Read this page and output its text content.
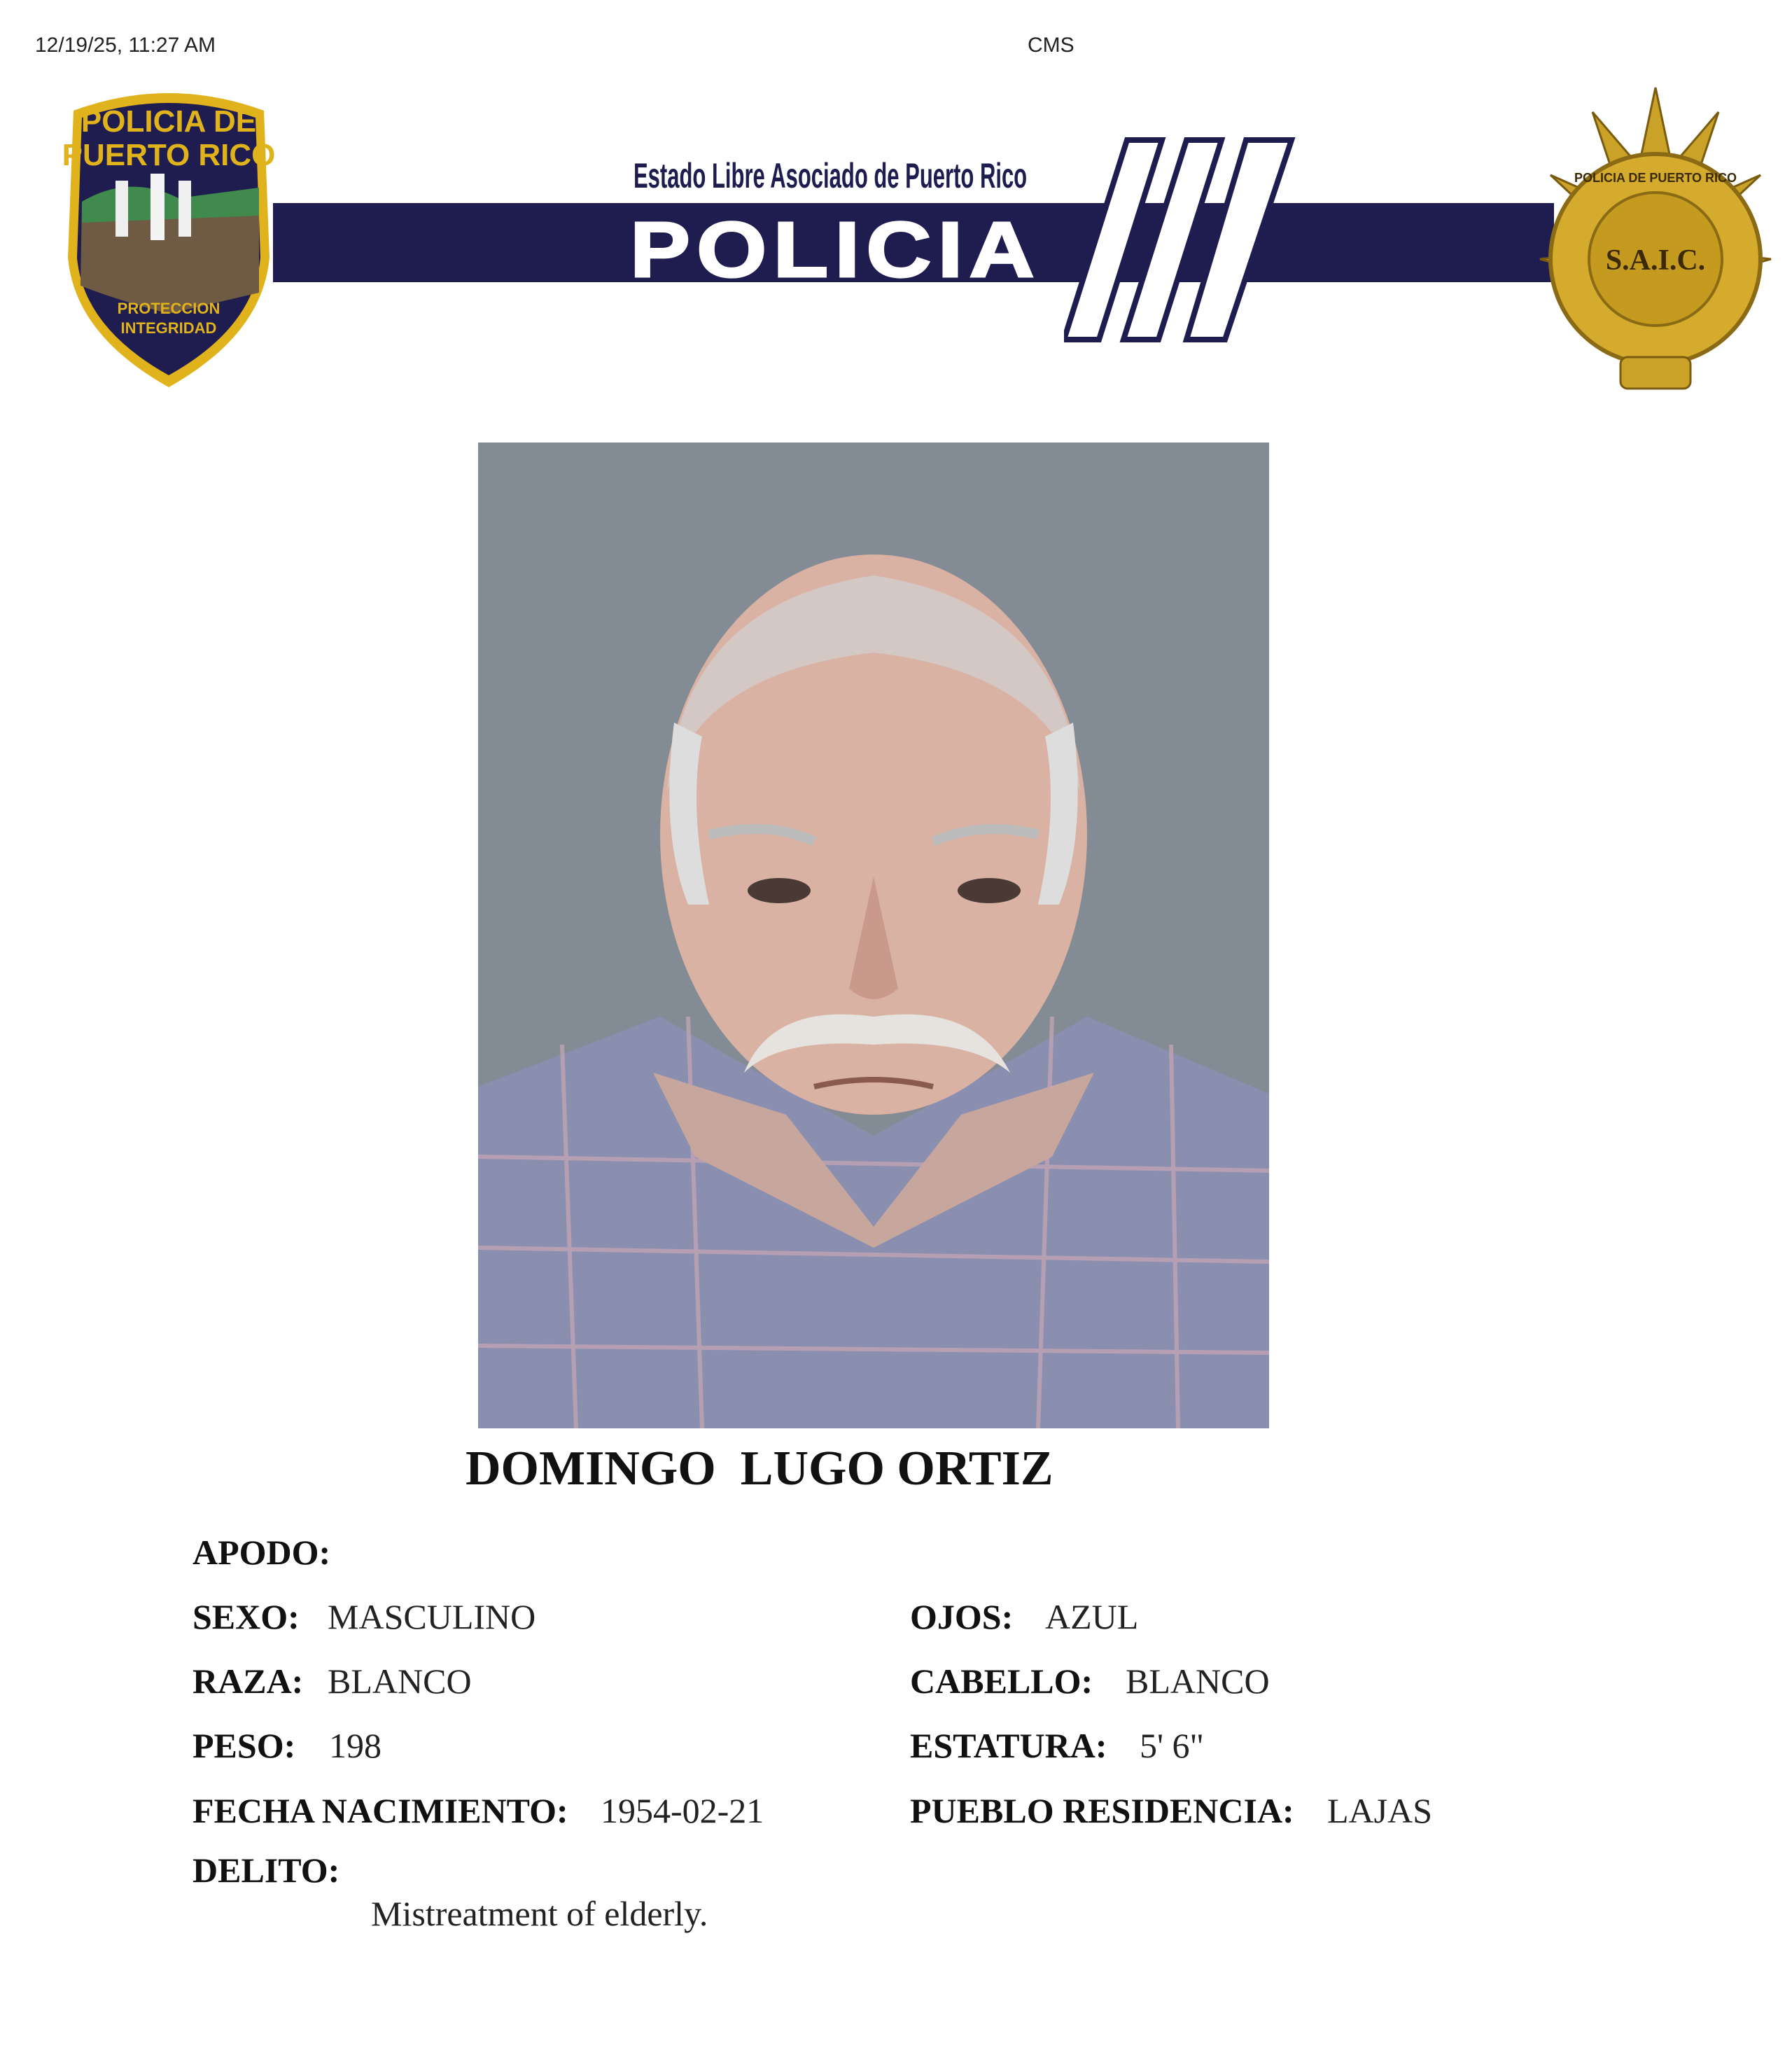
12/19/25, 11:27 AM	CMS
POLICIA DE
PUERTO RICO
PROTECCION
INTEGRIDAD
Estado Libre Asociado de Puerto Rico
POLICIA	S.A.I.C.
POLICIA DE PUERTO RICO
DOMINGO  LUGO ORTIZ
APODO:
SEXO: MASCULINO	OJOS: AZUL
RAZA: BLANCO	CABELLO: BLANCO
PESO: 198	ESTATURA: 5' 6"
FECHA NACIMIENTO: 1954-02-21	PUEBLO RESIDENCIA: LAJAS
DELITO:
Mistreatment of elderly.
